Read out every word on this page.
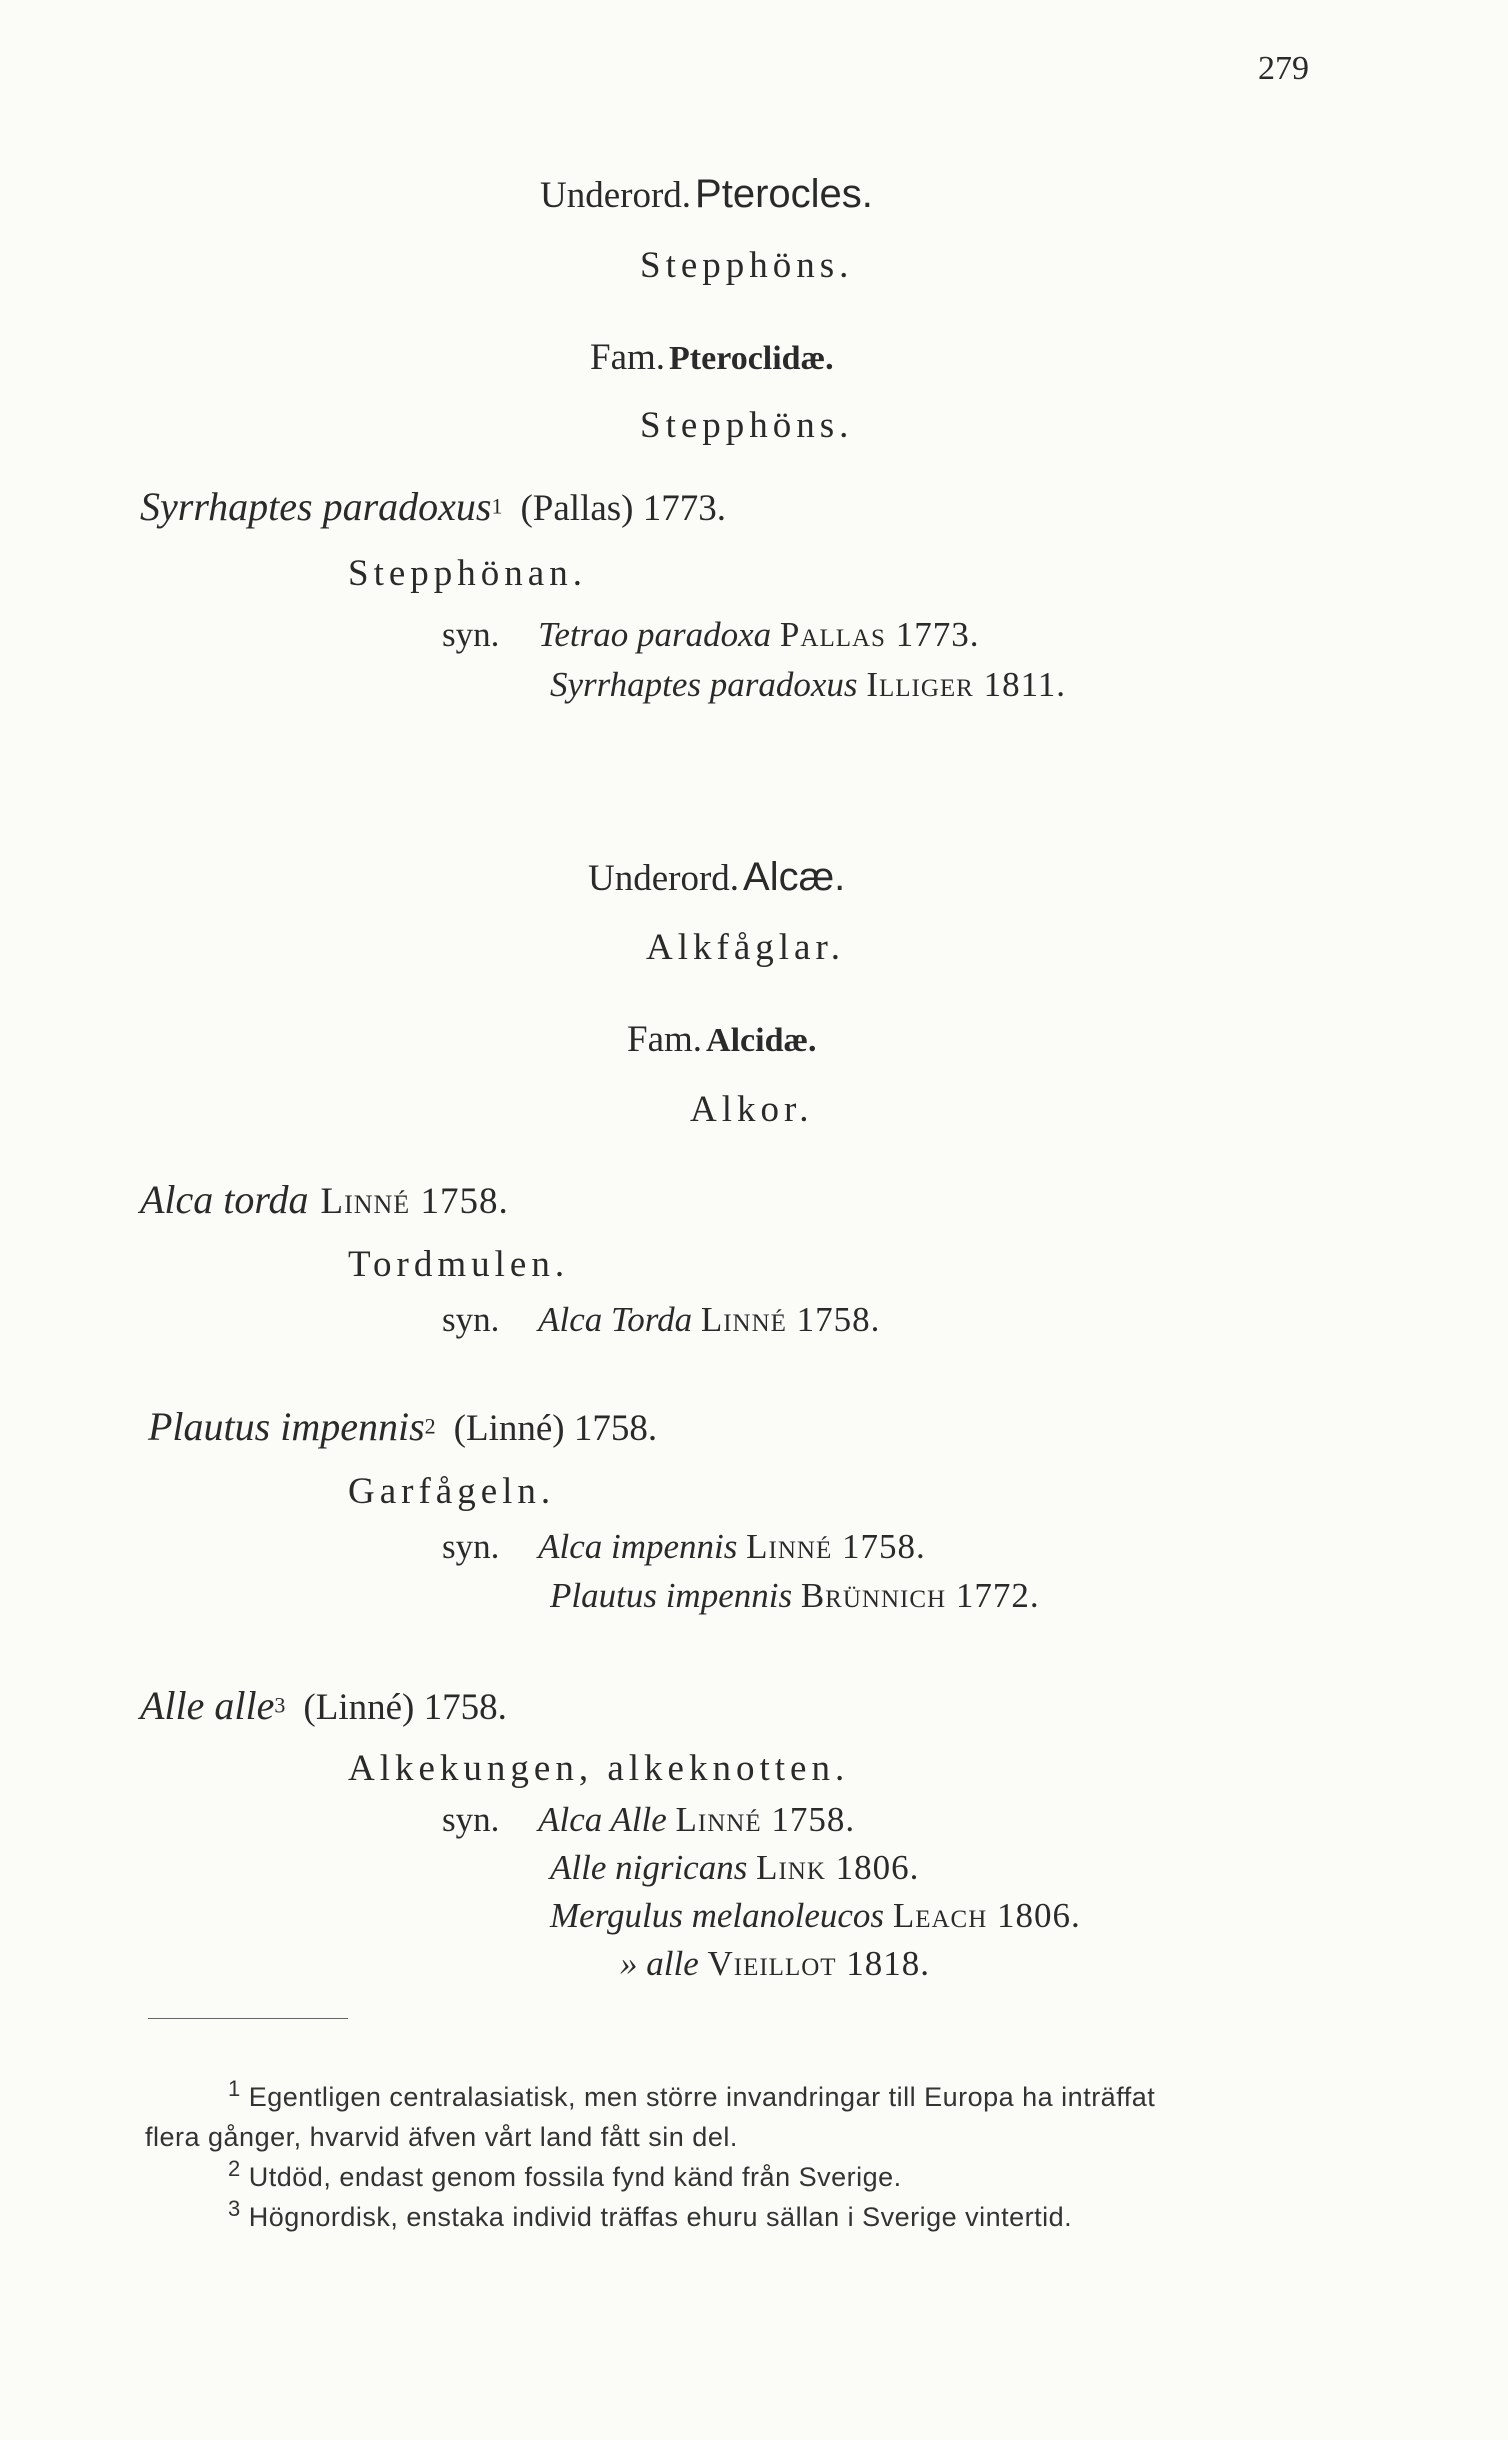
279
Underord. Pterocles.
Stepphöns.
Fam. Pteroclidæ.
Stepphöns.
Syrrhaptes paradoxus$^1$ (Pallas) 1773.
Stepphönan.
syn. Tetrao paradoxa Pallas 1773.
Syrrhaptes paradoxus Illiger 1811.
Underord. Alcæ.
Alkfåglar.
Fam. Alcidæ.
Alkor.
Alca torda Linné 1758.
Tordmulen.
syn. Alca Torda Linné 1758.
Plautus impennis$^2$ (Linné) 1758.
Garfågeln.
syn. Alca impennis Linné 1758.
Plautus impennis Brünnich 1772.
Alle alle$^3$ (Linné) 1758.
Alkekungen, alkeknotten.
syn. Alca Alle Linné 1758.
Alle nigricans Link 1806.
Mergulus melanoleucos Leach 1806.
» alle Vieillot 1818.
$^1$ Egentligen centralasiatisk, men större invandringar till Europa ha inträffat
flera gånger, hvarvid äfven vårt land fått sin del.
$^2$ Utdöd, endast genom fossila fynd känd från Sverige.
$^3$ Högnordisk, enstaka individ träffas ehuru sällan i Sverige vintertid.
